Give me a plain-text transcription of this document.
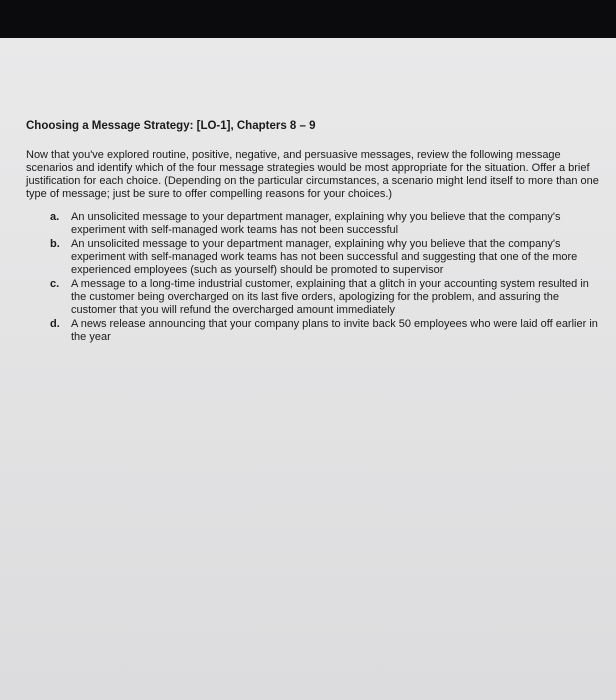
Choosing a Message Strategy: [LO-1], Chapters 8 – 9

Now that you've explored routine, positive, negative, and persuasive messages, review the following message scenarios and identify which of the four message strategies would be most appropriate for the situation. Offer a brief justification for each choice. (Depending on the particular circumstances, a scenario might lend itself to more than one type of message; just be sure to offer compelling reasons for your choices.)

a.	An unsolicited message to your department manager, explaining why you believe that the company's experiment with self-managed work teams has not been successful
b.	An unsolicited message to your department manager, explaining why you believe that the company's experiment with self-managed work teams has not been successful and suggesting that one of the more experienced employees (such as yourself) should be promoted to supervisor
c.	A message to a long-time industrial customer, explaining that a glitch in your accounting system resulted in the customer being overcharged on its last five orders, apologizing for the problem, and assuring the customer that you will refund the overcharged amount immediately
d.	A news release announcing that your company plans to invite back 50 employees who were laid off earlier in the year
